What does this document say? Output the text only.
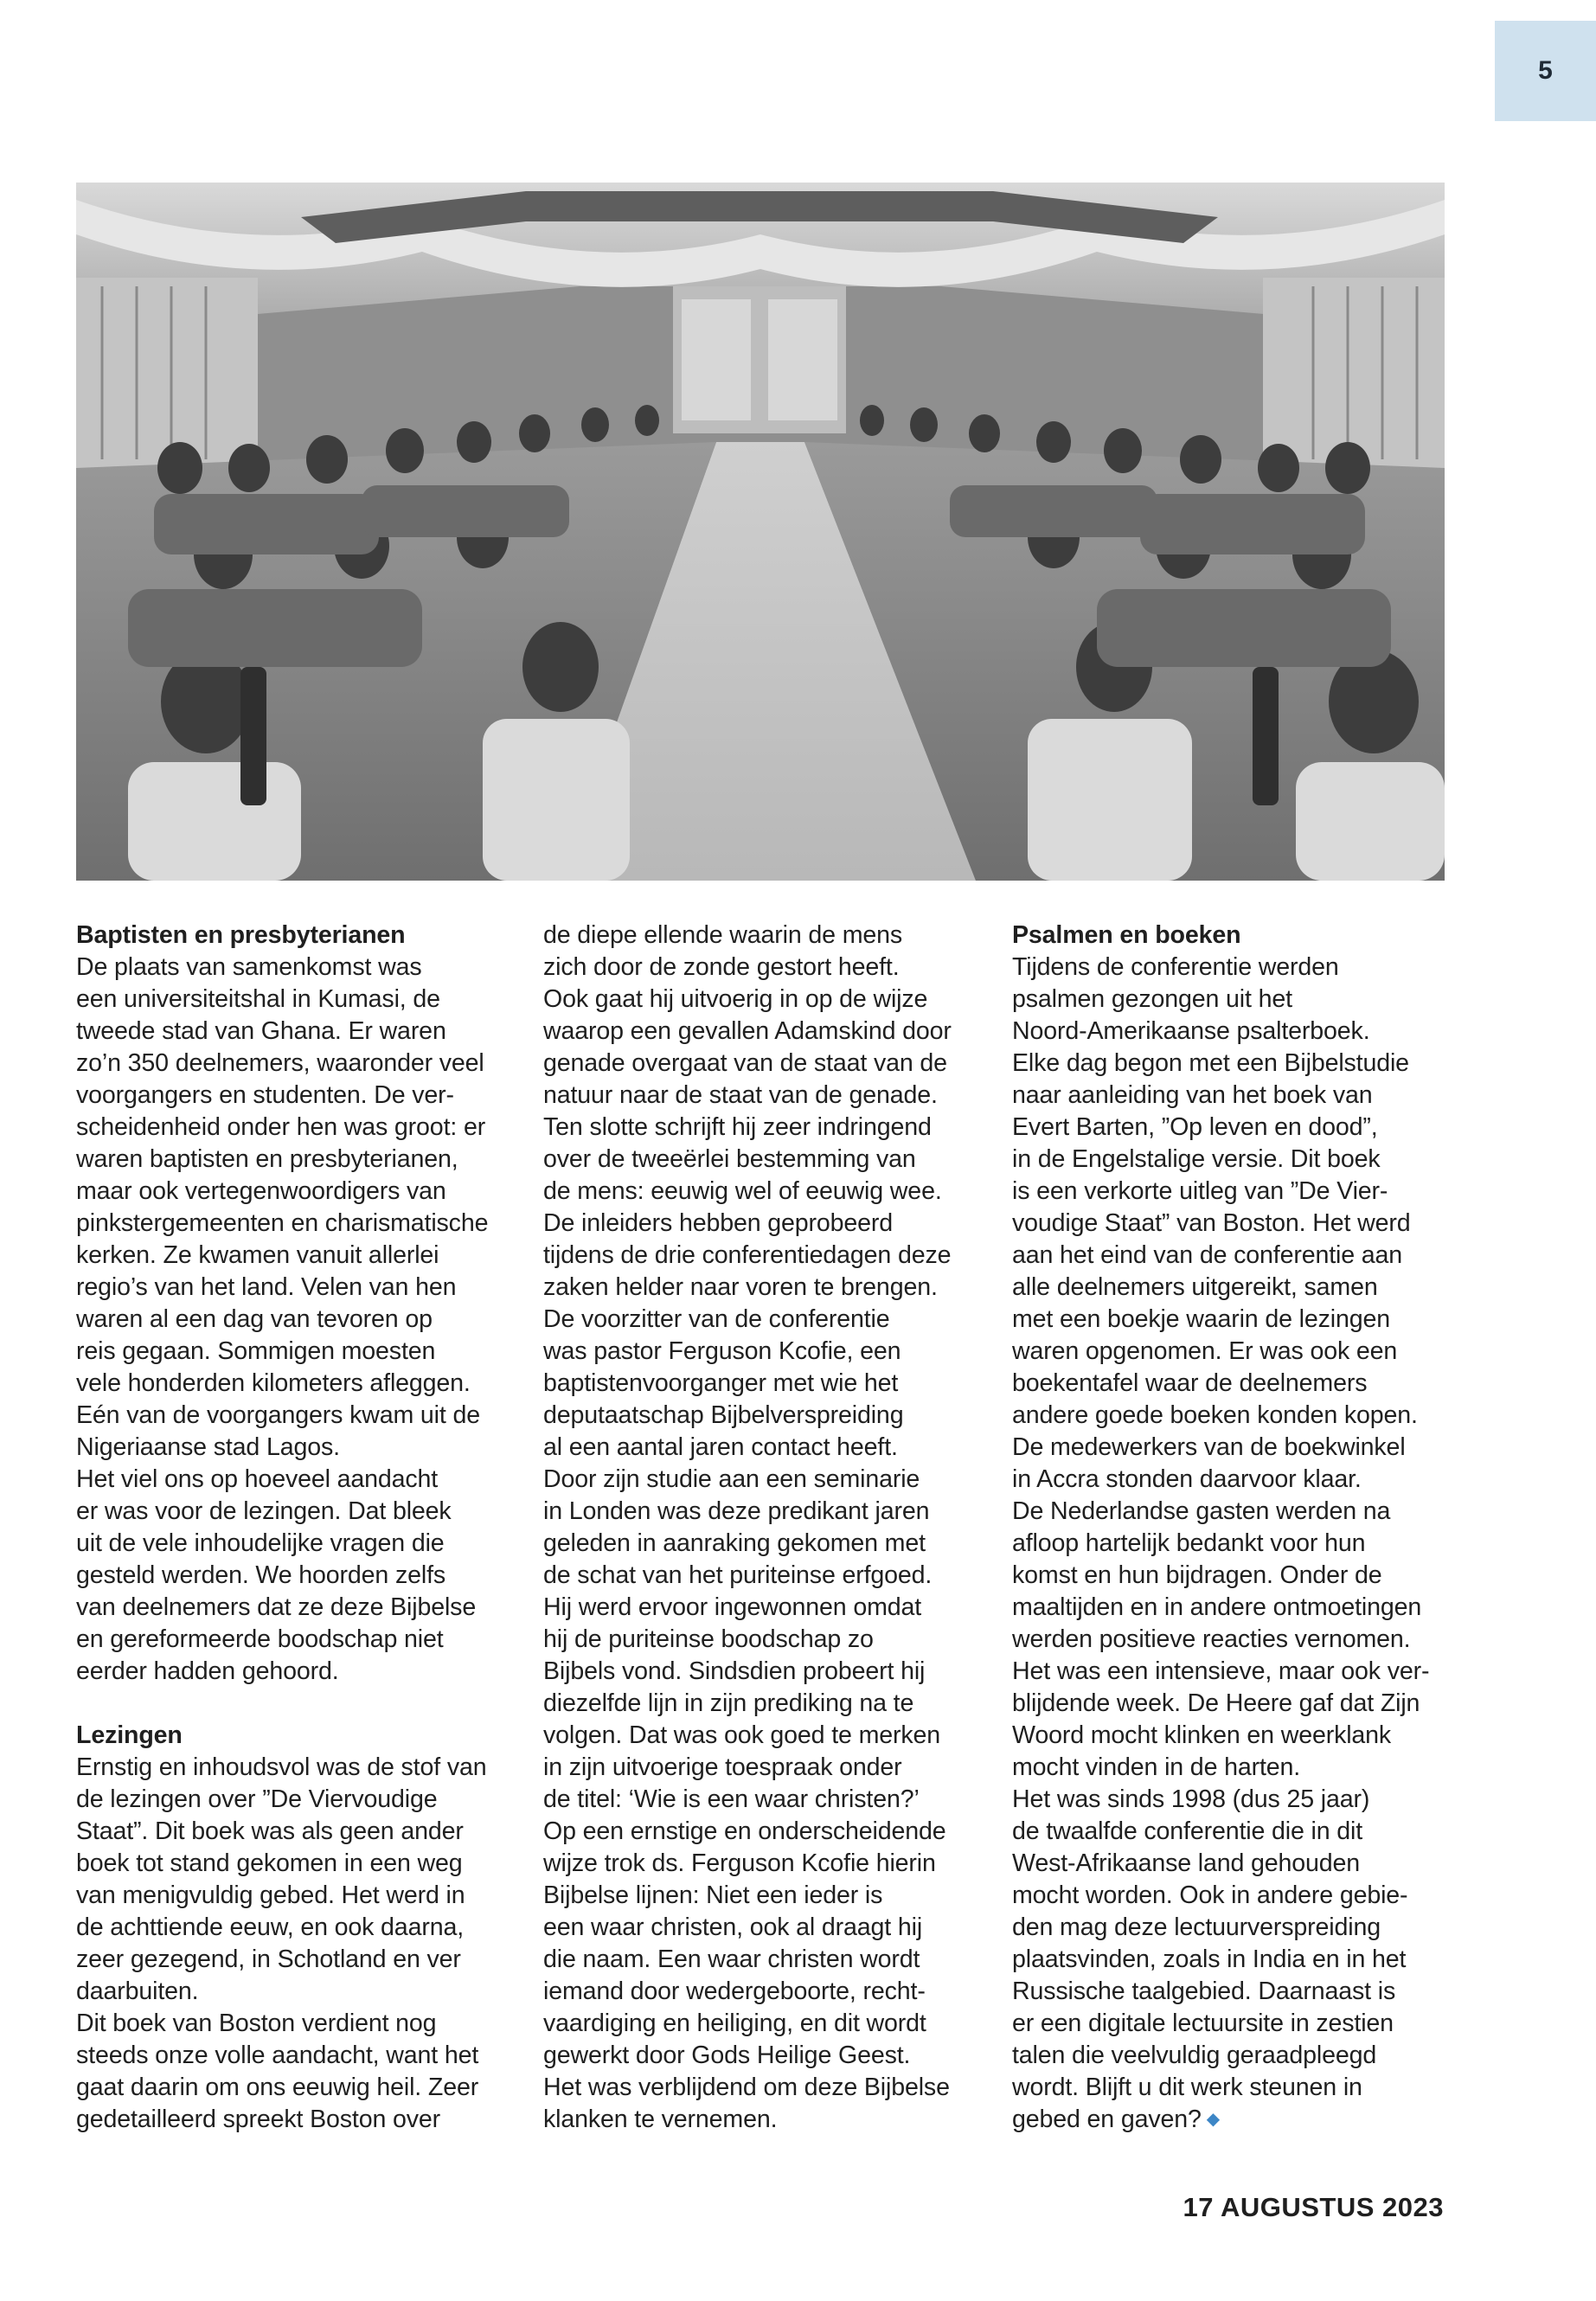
5
Baptisten en presbyterianen
De plaats van samenkomst was
een universiteitshal in Kumasi, de
tweede stad van Ghana. Er waren
zo’n 350 deelnemers, waaronder veel
voorgangers en studenten. De ver-
scheidenheid onder hen was groot: er
waren baptisten en presbyterianen,
maar ook vertegenwoordigers van
pinkstergemeenten en charismatische
kerken. Ze kwamen vanuit allerlei
regio’s van het land. Velen van hen
waren al een dag van tevoren op
reis gegaan. Sommigen moesten
vele honderden kilometers afleggen.
Eén van de voorgangers kwam uit de
Nigeriaanse stad Lagos.
Het viel ons op hoeveel aandacht
er was voor de lezingen. Dat bleek
uit de vele inhoudelijke vragen die
gesteld werden. We hoorden zelfs
van deelnemers dat ze deze Bijbelse
en gereformeerde boodschap niet
eerder hadden gehoord.
Lezingen
Ernstig en inhoudsvol was de stof van
de lezingen over ”De Viervoudige
Staat”. Dit boek was als geen ander
boek tot stand gekomen in een weg
van menigvuldig gebed. Het werd in
de achttiende eeuw, en ook daarna,
zeer gezegend, in Schotland en ver
daarbuiten.
Dit boek van Boston verdient nog
steeds onze volle aandacht, want het
gaat daarin om ons eeuwig heil. Zeer
gedetailleerd spreekt Boston over
de diepe ellende waarin de mens
zich door de zonde gestort heeft.
Ook gaat hij uitvoerig in op de wijze
waarop een gevallen Adamskind door
genade overgaat van de staat van de
natuur naar de staat van de genade.
Ten slotte schrijft hij zeer indringend
over de tweeërlei bestemming van
de mens: eeuwig wel of eeuwig wee.
De inleiders hebben geprobeerd
tijdens de drie conferentiedagen deze
zaken helder naar voren te brengen.
De voorzitter van de conferentie
was pastor Ferguson Kcofie, een
baptistenvoorganger met wie het
deputaatschap Bijbelverspreiding
al een aantal jaren contact heeft.
Door zijn studie aan een seminarie
in Londen was deze predikant jaren
geleden in aanraking gekomen met
de schat van het puriteinse erfgoed.
Hij werd ervoor ingewonnen omdat
hij de puriteinse boodschap zo
Bijbels vond. Sindsdien probeert hij
diezelfde lijn in zijn prediking na te
volgen. Dat was ook goed te merken
in zijn uitvoerige toespraak onder
de titel: ‘Wie is een waar christen?’
Op een ernstige en onderscheidende
wijze trok ds. Ferguson Kcofie hierin
Bijbelse lijnen: Niet een ieder is
een waar christen, ook al draagt hij
die naam. Een waar christen wordt
iemand door wedergeboorte, recht-
vaardiging en heiliging, en dit wordt
gewerkt door Gods Heilige Geest.
Het was verblijdend om deze Bijbelse
klanken te vernemen.
Psalmen en boeken
Tijdens de conferentie werden
psalmen gezongen uit het
Noord-Amerikaanse psalterboek.
Elke dag begon met een Bijbelstudie
naar aanleiding van het boek van
Evert Barten, ”Op leven en dood”,
in de Engelstalige versie. Dit boek
is een verkorte uitleg van ”De Vier-
voudige Staat” van Boston. Het werd
aan het eind van de conferentie aan
alle deelnemers uitgereikt, samen
met een boekje waarin de lezingen
waren opgenomen. Er was ook een
boekentafel waar de deelnemers
andere goede boeken konden kopen.
De medewerkers van de boekwinkel
in Accra stonden daarvoor klaar.
De Nederlandse gasten werden na
afloop hartelijk bedankt voor hun
komst en hun bijdragen. Onder de
maaltijden en in andere ontmoetingen
werden positieve reacties vernomen.
Het was een intensieve, maar ook ver-
blijdende week. De Heere gaf dat Zijn
Woord mocht klinken en weerklank
mocht vinden in de harten.
Het was sinds 1998 (dus 25 jaar)
de twaalfde conferentie die in dit
West-Afrikaanse land gehouden
mocht worden. Ook in andere gebie-
den mag deze lectuurverspreiding
plaatsvinden, zoals in India en in het
Russische taalgebied. Daarnaast is
er een digitale lectuursite in zestien
talen die veelvuldig geraadpleegd
wordt. Blijft u dit werk steunen in
gebed en gaven? ◆
17 AUGUSTUS 2023
